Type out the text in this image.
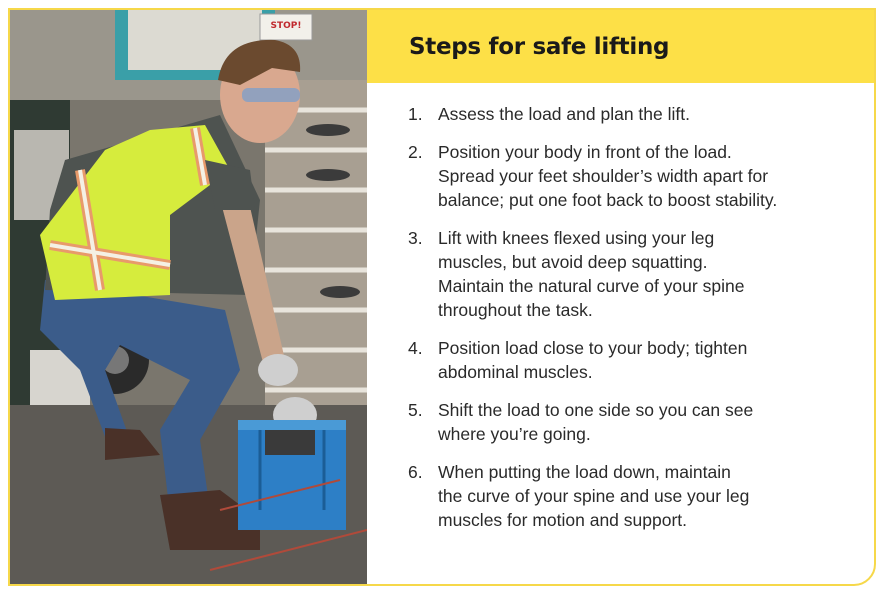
STOP!
Steps for safe lifting
1. Assess the load and plan the lift.
2. Position your body in front of the load.
Spread your feet shoulder’s width apart for
balance; put one foot back to boost stability.
3. Lift with knees flexed using your leg
muscles, but avoid deep squatting.
Maintain the natural curve of your spine
throughout the task.
4. Position load close to your body; tighten
abdominal muscles.
5. Shift the load to one side so you can see
where you’re going.
6. When putting the load down, maintain
the curve of your spine and use your leg
muscles for motion and support.
